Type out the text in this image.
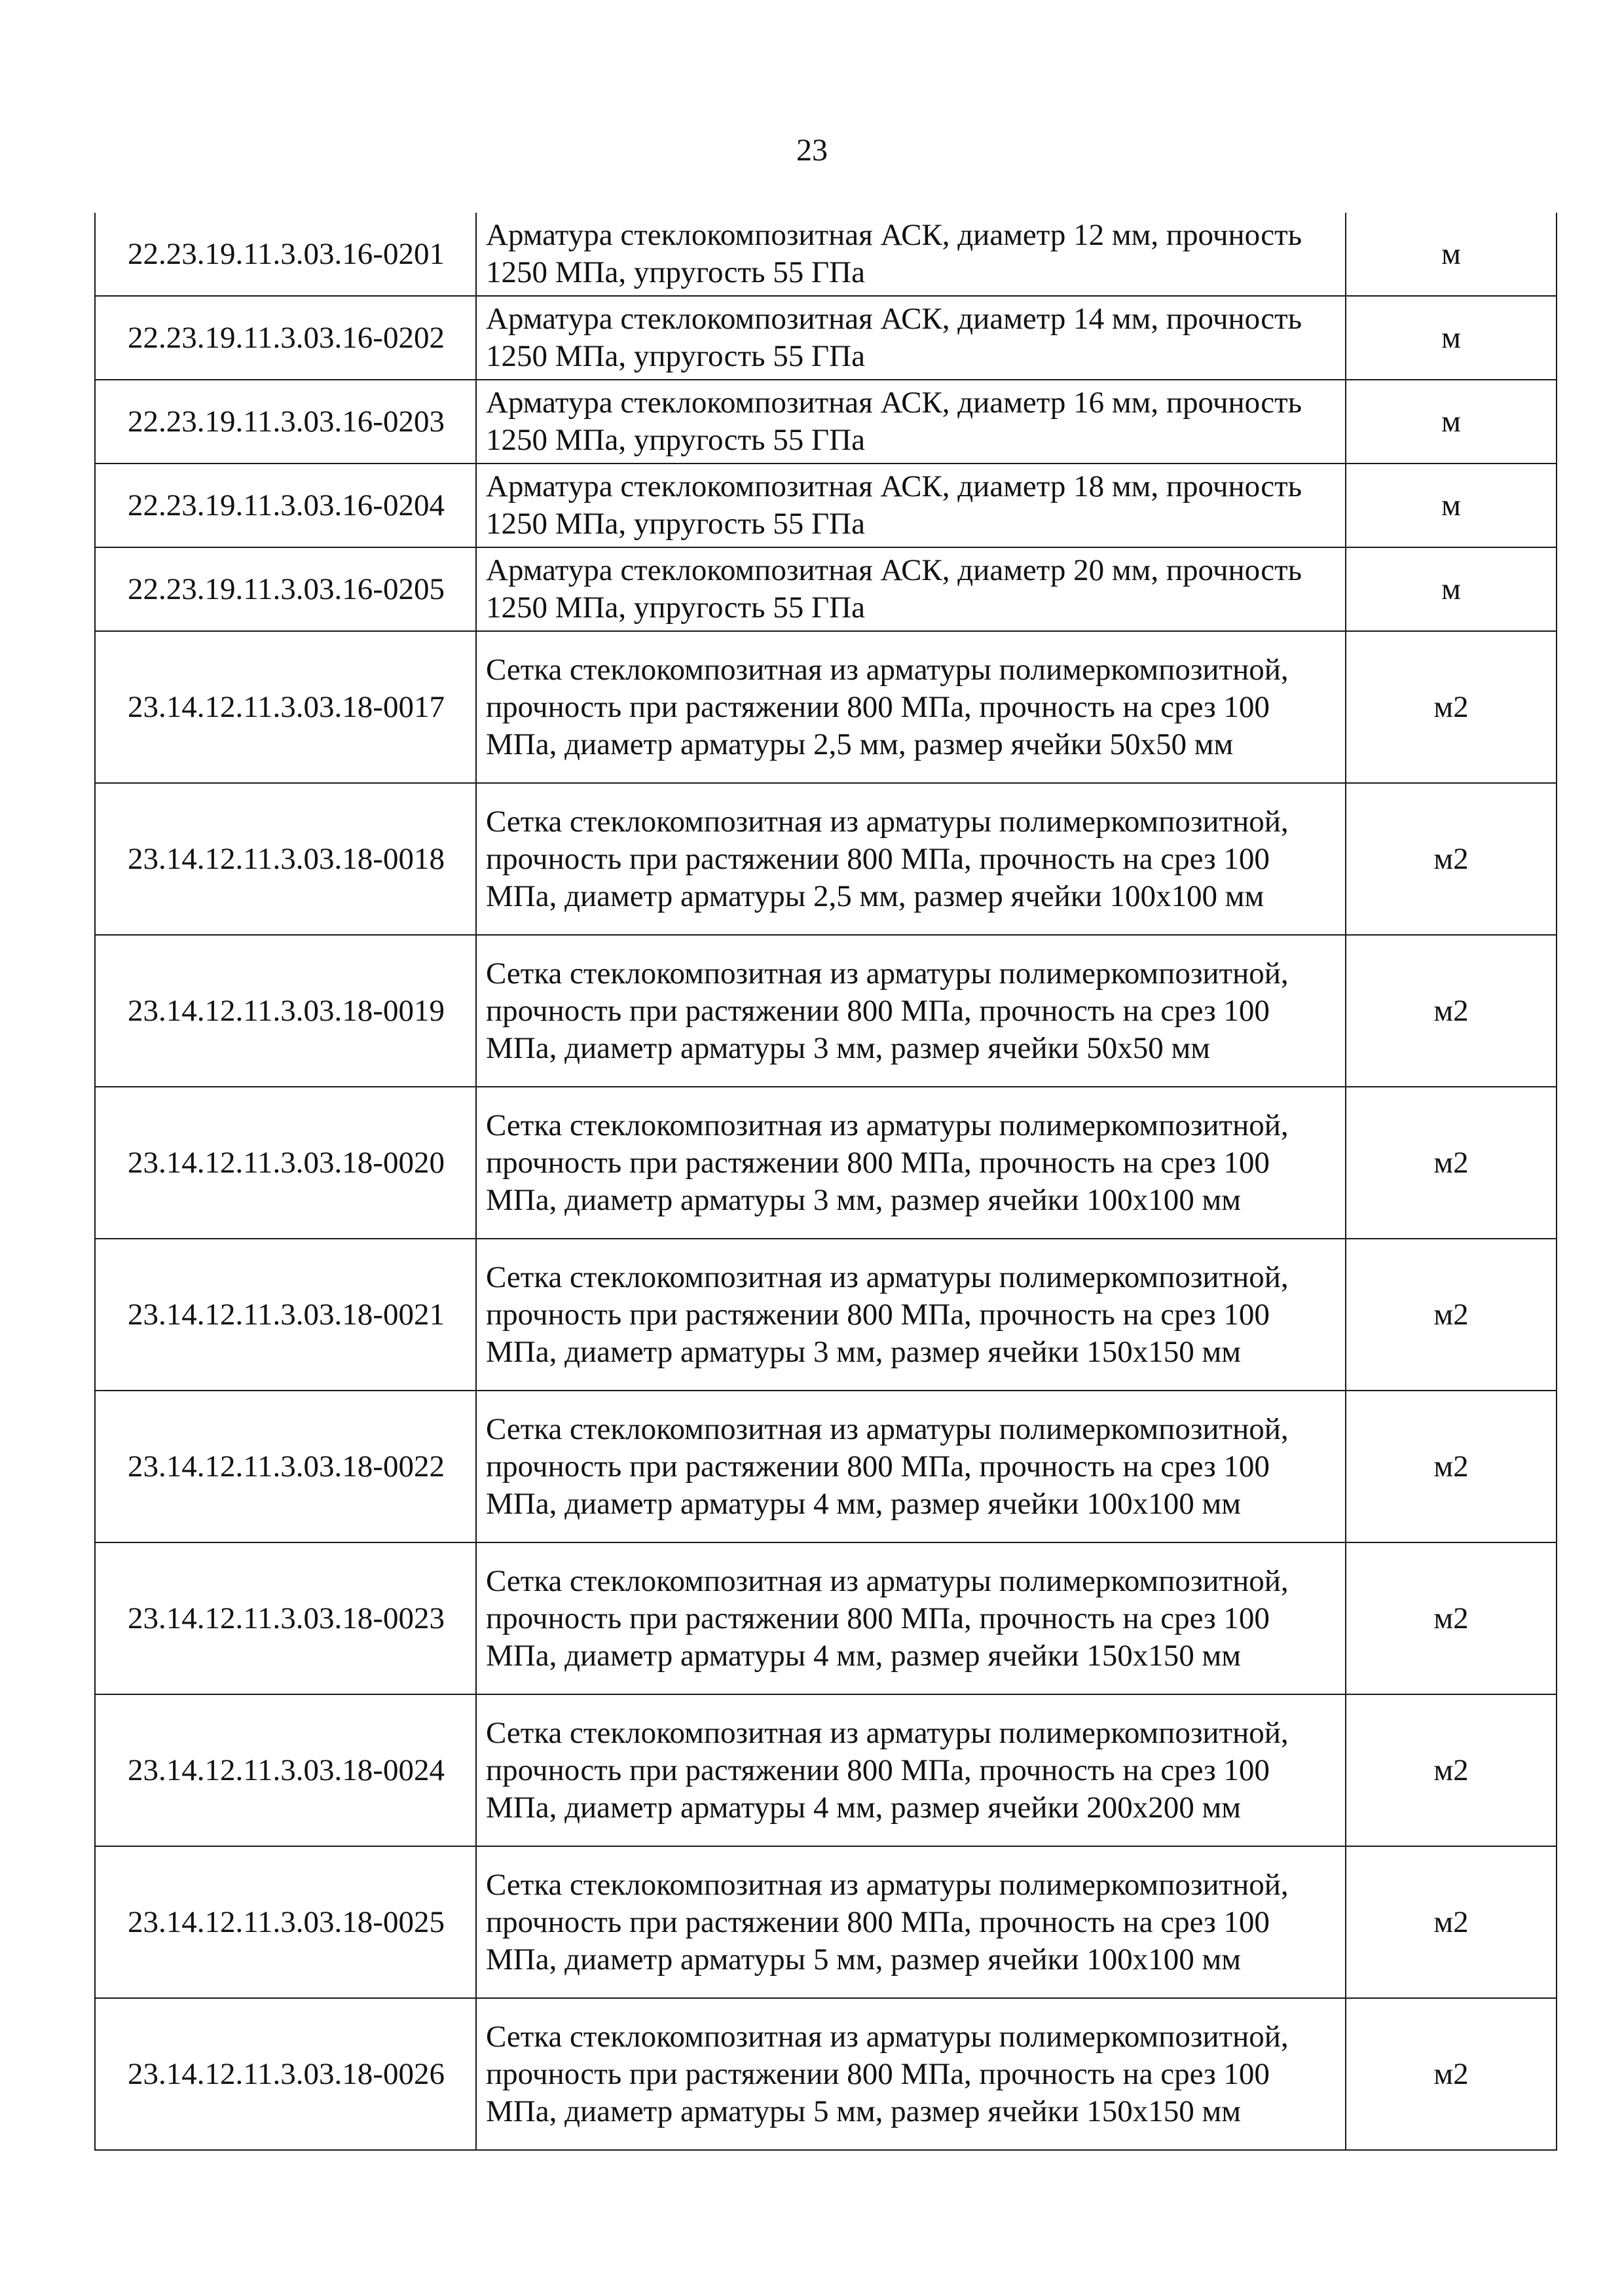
23
22.23.19.11.3.03.16-0201	Арматура стеклокомпозитная АСК, диаметр 12 мм, прочность 1250 МПа, упругость 55 ГПа	м
22.23.19.11.3.03.16-0202	Арматура стеклокомпозитная АСК, диаметр 14 мм, прочность 1250 МПа, упругость 55 ГПа	м
22.23.19.11.3.03.16-0203	Арматура стеклокомпозитная АСК, диаметр 16 мм, прочность 1250 МПа, упругость 55 ГПа	м
22.23.19.11.3.03.16-0204	Арматура стеклокомпозитная АСК, диаметр 18 мм, прочность 1250 МПа, упругость 55 ГПа	м
22.23.19.11.3.03.16-0205	Арматура стеклокомпозитная АСК, диаметр 20 мм, прочность 1250 МПа, упругость 55 ГПа	м
23.14.12.11.3.03.18-0017	Сетка стеклокомпозитная из арматуры полимеркомпозитной, прочность при растяжении 800 МПа, прочность на срез 100 МПа, диаметр арматуры 2,5 мм, размер ячейки 50х50 мм	м2
23.14.12.11.3.03.18-0018	Сетка стеклокомпозитная из арматуры полимеркомпозитной, прочность при растяжении 800 МПа, прочность на срез 100 МПа, диаметр арматуры 2,5 мм, размер ячейки 100х100 мм	м2
23.14.12.11.3.03.18-0019	Сетка стеклокомпозитная из арматуры полимеркомпозитной, прочность при растяжении 800 МПа, прочность на срез 100 МПа, диаметр арматуры 3 мм, размер ячейки 50х50 мм	м2
23.14.12.11.3.03.18-0020	Сетка стеклокомпозитная из арматуры полимеркомпозитной, прочность при растяжении 800 МПа, прочность на срез 100 МПа, диаметр арматуры 3 мм, размер ячейки 100х100 мм	м2
23.14.12.11.3.03.18-0021	Сетка стеклокомпозитная из арматуры полимеркомпозитной, прочность при растяжении 800 МПа, прочность на срез 100 МПа, диаметр арматуры 3 мм, размер ячейки 150х150 мм	м2
23.14.12.11.3.03.18-0022	Сетка стеклокомпозитная из арматуры полимеркомпозитной, прочность при растяжении 800 МПа, прочность на срез 100 МПа, диаметр арматуры 4 мм, размер ячейки 100х100 мм	м2
23.14.12.11.3.03.18-0023	Сетка стеклокомпозитная из арматуры полимеркомпозитной, прочность при растяжении 800 МПа, прочность на срез 100 МПа, диаметр арматуры 4 мм, размер ячейки 150х150 мм	м2
23.14.12.11.3.03.18-0024	Сетка стеклокомпозитная из арматуры полимеркомпозитной, прочность при растяжении 800 МПа, прочность на срез 100 МПа, диаметр арматуры 4 мм, размер ячейки 200х200 мм	м2
23.14.12.11.3.03.18-0025	Сетка стеклокомпозитная из арматуры полимеркомпозитной, прочность при растяжении 800 МПа, прочность на срез 100 МПа, диаметр арматуры 5 мм, размер ячейки 100х100 мм	м2
23.14.12.11.3.03.18-0026	Сетка стеклокомпозитная из арматуры полимеркомпозитной, прочность при растяжении 800 МПа, прочность на срез 100 МПа, диаметр арматуры 5 мм, размер ячейки 150х150 мм	м2
